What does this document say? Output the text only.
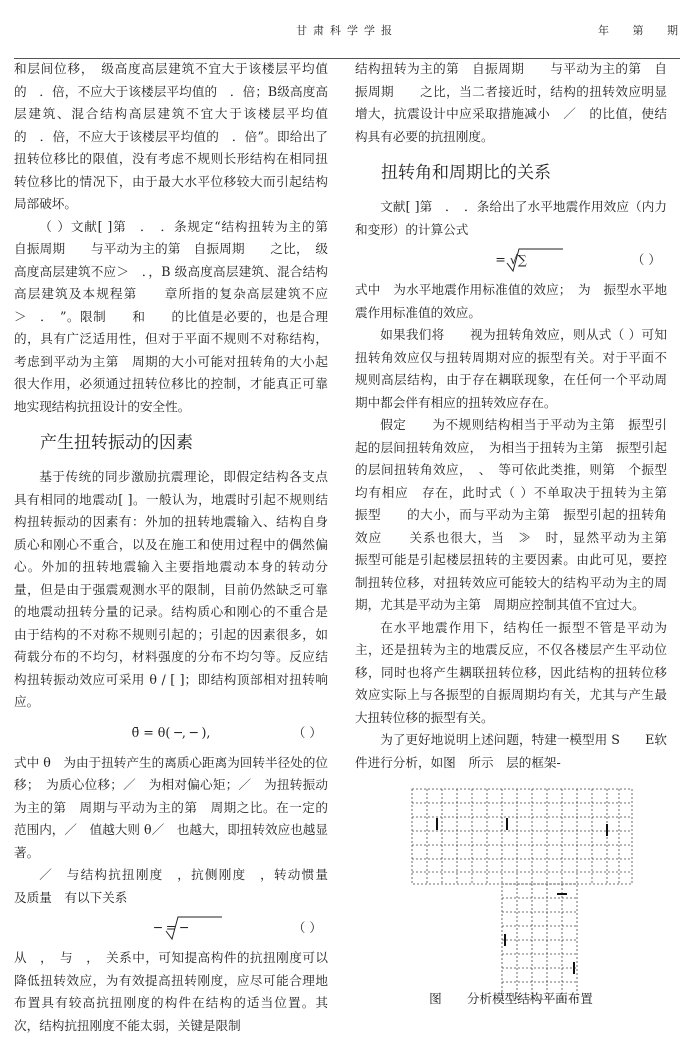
甘肃科学学报	年 第 期

和层间位移，　级高度高层建筑不宜大于该楼层平均值的　．倍，不应大于该楼层平均值的　．倍；B级高度高层建筑、混合结构高层建筑不宜大于该楼层平均值的　．倍，不应大于该楼层平均值的　．倍”。即给出了扭转位移比的限值，没有考虑不规则长形结构在相同扭转位移比的情况下，由于最大水平位移较大而引起结构局部破坏。

（ ）文献[ ]第　．　．条规定“结构扭转为主的第　自振周期　　与平动为主的第　自振周期　　之比，　级高度高层建筑不应＞　．，B 级高度高层建筑、混合结构高层建筑及本规程第　　章所指的复杂高层建筑不应＞　．　”。限制　　和　　的比值是必要的，也是合理的，具有广泛适用性，但对于平面不规则不对称结构，考虑到平动为主第　周期的大小可能对扭转角的大小起很大作用，必须通过扭转位移比的控制，才能真正可靠地实现结构抗扭设计的安全性。

产生扭转振动的因素

基于传统的同步激励抗震理论，即假定结构各支点具有相同的地震动[ ]。一般认为，地震时引起不规则结构扭转振动的因素有：外加的扭转地震输入、结构自身质心和刚心不重合，以及在施工和使用过程中的偶然偏心。外加的扭转地震输入主要指地震动本身的转动分量，但是由于强震观测水平的限制，目前仍然缺乏可靠的地震动扭转分量的记录。结构质心和刚心的不重合是由于结构的不对称不规则引起的；引起的因素很多，如荷载分布的不均匀，材料强度的分布不均匀等。反应结构扭转振动效应可采用 θ / [ ]；即结构顶部相对扭转响应。

θ̄ = θ( ─, ─ ),	（ ）

式中 θ　为由于扭转产生的离质心距离为回转半径处的位移；　为质心位移；／　为相对偏心矩；／　为扭转振动为主的第　周期与平动为主的第　周期之比。在一定的范围内，／　值越大则 θ／　也越大，即扭转效应也越显著。

／　与结构抗扭刚度　，抗侧刚度　，转动惯量　及质量　有以下关系

─ = ─	（ ）

从　，　与　，　关系中，可知提高构件的抗扭刚度可以降低扭转效应，为有效提高扭转刚度，应尽可能合理地布置具有较高抗扭刚度的构件在结构的适当位置。其次，结构抗扭刚度不能太弱，关键是限制

结构扭转为主的第　自振周期　　与平动为主的第　自振周期　　之比，当二者接近时，结构的扭转效应明显增大，抗震设计中应采取措施减小　／　的比值，使结构具有必要的抗扭刚度。

扭转角和周期比的关系

文献[ ]第　．　．条给出了水平地震作用效应（内力和变形）的计算公式

= √∑	（ ）

式中　为水平地震作用标准值的效应；　为　振型水平地震作用标准值的效应。

如果我们将　　视为扭转角效应，则从式（ ）可知扭转角效应仅与扭转周期对应的振型有关。对于平面不规则高层结构，由于存在耦联现象，在任何一个平动周期中都会伴有相应的扭转效应存在。

假定　　为不规则结构相当于平动为主第　振型引起的层间扭转角效应，　为相当于扭转为主第　振型引起的层间扭转角效应，　、　等可依此类推，则第　个振型均有相应　存在，此时式（ ）不单取决于扭转为主第　振型　　的大小，而与平动为主第　振型引起的扭转角效应　　关系也很大，当　≫　时，显然平动为主第　振型可能是引起楼层扭转的主要因素。由此可见，要控制扭转位移，对扭转效应可能较大的结构平动为主的周期，尤其是平动为主第　周期应控制其值不宜过大。

在水平地震作用下，结构任一振型不管是平动为主，还是扭转为主的地震反应，不仅各楼层产生平动位移，同时也将产生耦联扭转位移，因此结构的扭转位移效应实际上与各振型的自振周期均有关，尤其与产生最大扭转位移的振型有关。

为了更好地说明上述问题，特建一模型用 S　　E软件进行分析，如图　所示　层的框架-

图　　分析模型结构平面布置
